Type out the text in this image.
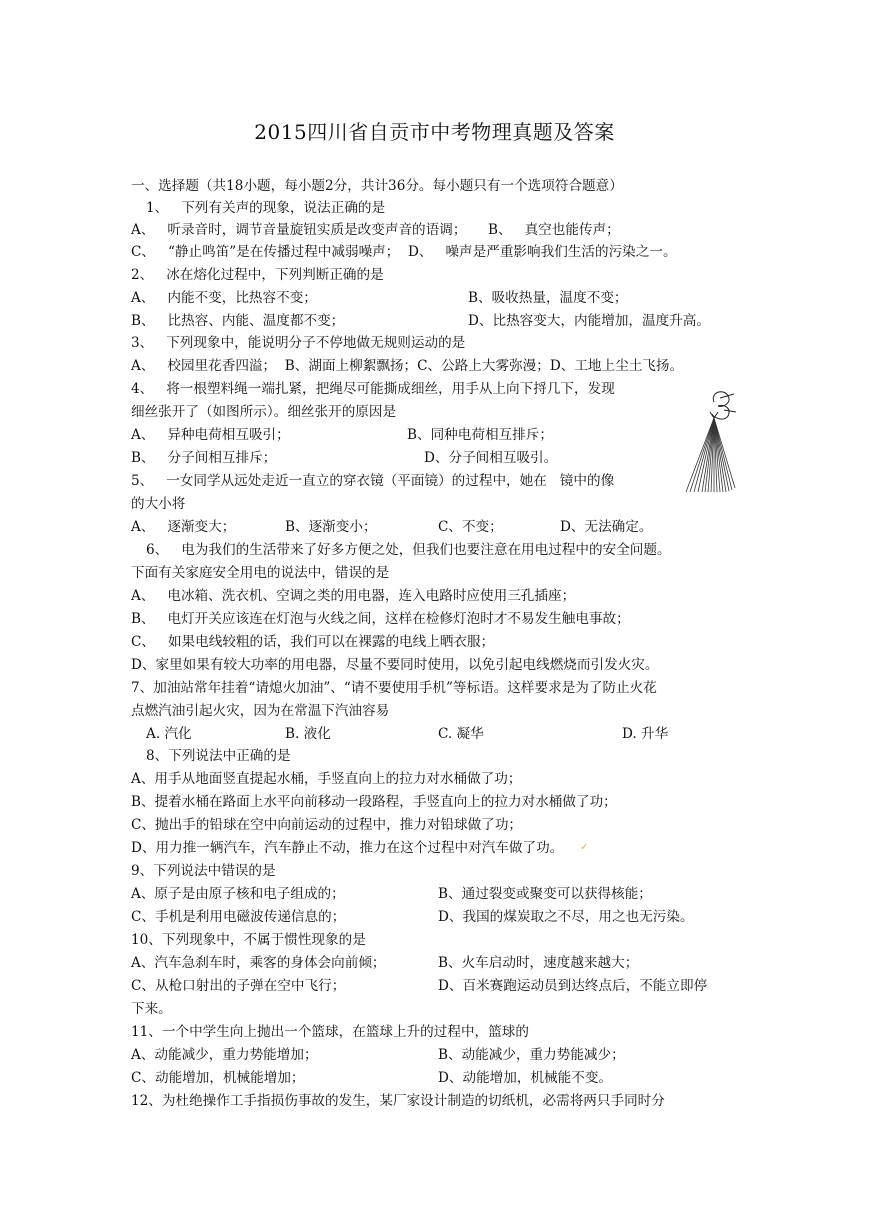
2015四川省自贡市中考物理真题及答案
一、选择题（共18小题，每小题2分，共计36分。每小题只有一个选项符合题意）
1、   下列有关声的现象，说法正确的是
A、   听录音时，调节音量旋钮实质是改变声音的语调；     B、   真空也能传声；
C、   “静止鸣笛”是在传播过程中减弱噪声；  D、   噪声是严重影响我们生活的污染之一。
2、   冰在熔化过程中，下列判断正确的是
A、   内能不变，比热容不变；	B、吸收热量，温度不变；
B、   比热容、内能、温度都不变；	D、比热容变大，内能增加，温度升高。
3、   下列现象中，能说明分子不停地做无规则运动的是
A、   校园里花香四溢；  B、湖面上柳絮飘扬；C、公路上大雾弥漫；D、工地上尘土飞扬。
4、   将一根塑料绳一端扎紧，把绳尽可能撕成细丝，用手从上向下捋几下，发现
细丝张开了（如图所示）。细丝张开的原因是
A、   异种电荷相互吸引；	B、同种电荷相互排斥；
B、   分子间相互排斥；	D、分子间相互吸引。
5、   一女同学从远处走近一直立的穿衣镜（平面镜）的过程中，她在   镜中的像
的大小将
A、   逐渐变大；	B、逐渐变小；	C、不变；	D、无法确定。
6、   电为我们的生活带来了好多方便之处，但我们也要注意在用电过程中的安全问题。
下面有关家庭安全用电的说法中，错误的是
A、   电冰箱、洗衣机、空调之类的用电器，连入电路时应使用三孔插座；
B、   电灯开关应该连在灯泡与火线之间，这样在检修灯泡时才不易发生触电事故；
C、   如果电线较粗的话，我们可以在裸露的电线上晒衣服；
D、家里如果有较大功率的用电器，尽量不要同时使用，以免引起电线燃烧而引发火灾。
7、加油站常年挂着“请熄火加油”、“请不要使用手机”等标语。这样要求是为了防止火花
点燃汽油引起火灾，因为在常温下汽油容易
A. 汽化	B. 液化	C. 凝华	D. 升华
8、下列说法中正确的是
A、用手从地面竖直提起水桶，手竖直向上的拉力对水桶做了功；
B、提着水桶在路面上水平向前移动一段路程，手竖直向上的拉力对水桶做了功；
C、抛出手的铅球在空中向前运动的过程中，推力对铅球做了功；
D、用力推一辆汽车，汽车静止不动，推力在这个过程中对汽车做了功。 ✓
9、下列说法中错误的是
A、原子是由原子核和电子组成的；	B、通过裂变或聚变可以获得核能；
C、手机是利用电磁波传递信息的；	D、我国的煤炭取之不尽，用之也无污染。
10、下列现象中，不属于惯性现象的是
A、汽车急刹车时，乘客的身体会向前倾；	B、火车启动时，速度越来越大；
C、从枪口射出的子弹在空中飞行；	D、百米赛跑运动员到达终点后，不能立即停
下来。
11、一个中学生向上抛出一个篮球，在篮球上升的过程中，篮球的
A、动能减少，重力势能增加；	B、动能减少，重力势能减少；
C、动能增加，机械能增加；	D、动能增加，机械能不变。
12、为杜绝操作工手指损伤事故的发生，某厂家设计制造的切纸机，必需将两只手同时分
